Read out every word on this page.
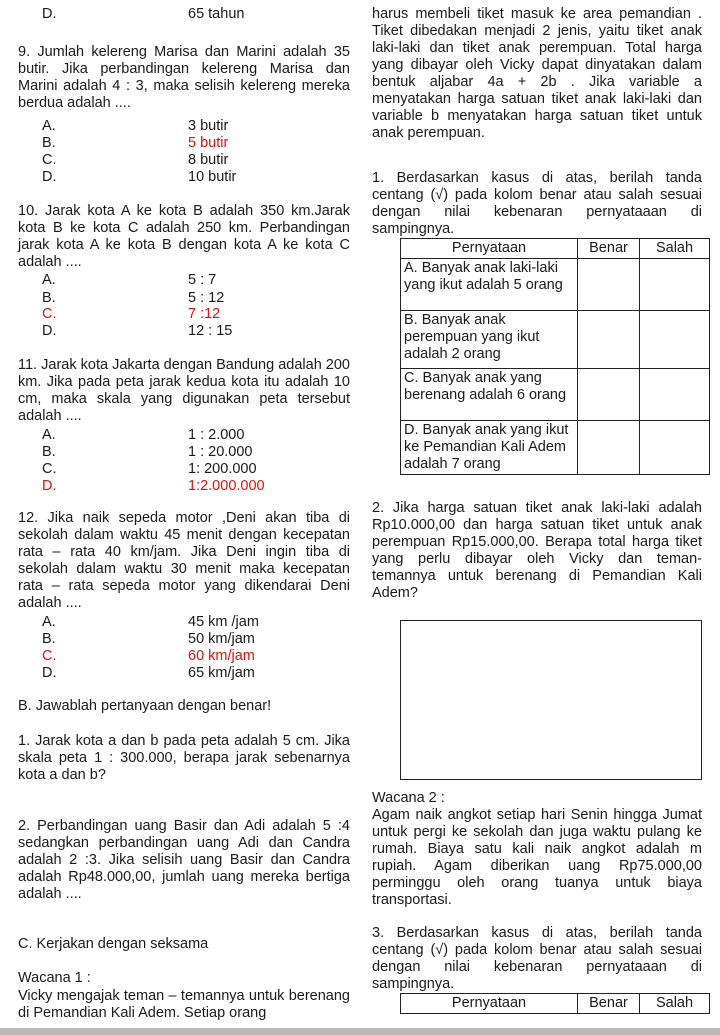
D.	65 tahun
9. Jumlah kelereng Marisa dan Marini adalah 35 butir. Jika perbandingan kelereng Marisa dan Marini adalah 4 : 3, maka selisih kelereng mereka berdua adalah ....
A.	3 butir
B.	5 butir
C.	8 butir
D.	10 butir
10. Jarak kota A ke kota B adalah 350 km.Jarak kota B ke kota C adalah 250 km. Perbandingan jarak kota A ke kota B dengan kota A ke kota C adalah ....
A.	5 : 7
B.	5 : 12
C.	7 :12
D.	12 : 15
11. Jarak kota Jakarta dengan Bandung adalah 200 km. Jika pada peta jarak kedua kota itu adalah 10 cm, maka skala yang digunakan peta tersebut adalah ....
A.	1 : 2.000
B.	1 : 20.000
C.	1: 200.000
D.	1:2.000.000
12. Jika naik sepeda motor ,Deni akan tiba di sekolah dalam waktu 45 menit dengan kecepatan rata – rata 40 km/jam. Jika Deni ingin tiba di sekolah dalam waktu 30 menit maka kecepatan rata – rata sepeda motor yang dikendarai Deni adalah ....
A.	45 km /jam
B.	50 km/jam
C.	60 km/jam
D.	65 km/jam
B. Jawablah pertanyaan dengan benar!
1. Jarak kota a dan b pada peta adalah 5 cm. Jika skala peta 1 : 300.000, berapa jarak sebenarnya kota a dan b?
2. Perbandingan uang Basir dan Adi adalah 5 :4 sedangkan perbandingan uang Adi dan Candra adalah 2 :3. Jika selisih uang Basir dan Candra adalah Rp48.000,00, jumlah uang mereka bertiga adalah ....
C. Kerjakan dengan seksama
Wacana 1 :
Vicky mengajak teman – temannya untuk berenang di Pemandian Kali Adem. Setiap orang
harus membeli tiket masuk ke area pemandian . Tiket dibedakan menjadi 2 jenis, yaitu tiket anak laki-laki dan tiket anak perempuan. Total harga yang dibayar oleh Vicky dapat dinyatakan dalam bentuk aljabar 4a + 2b . Jika variable a menyatakan harga satuan tiket anak laki-laki dan variable b menyatakan harga satuan tiket untuk anak perempuan.
1. Berdasarkan kasus di atas, berilah tanda centang (√) pada kolom benar atau salah sesuai dengan nilai kebenaran pernyataaan di sampingnya.
Pernyataan	Benar	Salah
A. Banyak anak laki-laki yang ikut adalah 5 orang		
B. Banyak anak perempuan yang ikut adalah 2 orang		
C. Banyak anak yang berenang adalah 6 orang		
D. Banyak anak yang ikut ke Pemandian Kali Adem adalah 7 orang		
2. Jika harga satuan tiket anak laki-laki adalah Rp10.000,00 dan harga satuan tiket untuk anak perempuan Rp15.000,00. Berapa total harga tiket yang perlu dibayar oleh Vicky dan teman-temannya untuk berenang di Pemandian Kali Adem?
Wacana 2 :
Agam naik angkot setiap hari Senin hingga Jumat untuk pergi ke sekolah dan juga waktu pulang ke rumah. Biaya satu kali naik angkot adalah m rupiah. Agam diberikan uang Rp75.000,00 perminggu oleh orang tuanya untuk biaya transportasi.
3. Berdasarkan kasus di atas, berilah tanda centang (√) pada kolom benar atau salah sesuai dengan nilai kebenaran pernyataaan di sampingnya.
Pernyataan	Benar	Salah
